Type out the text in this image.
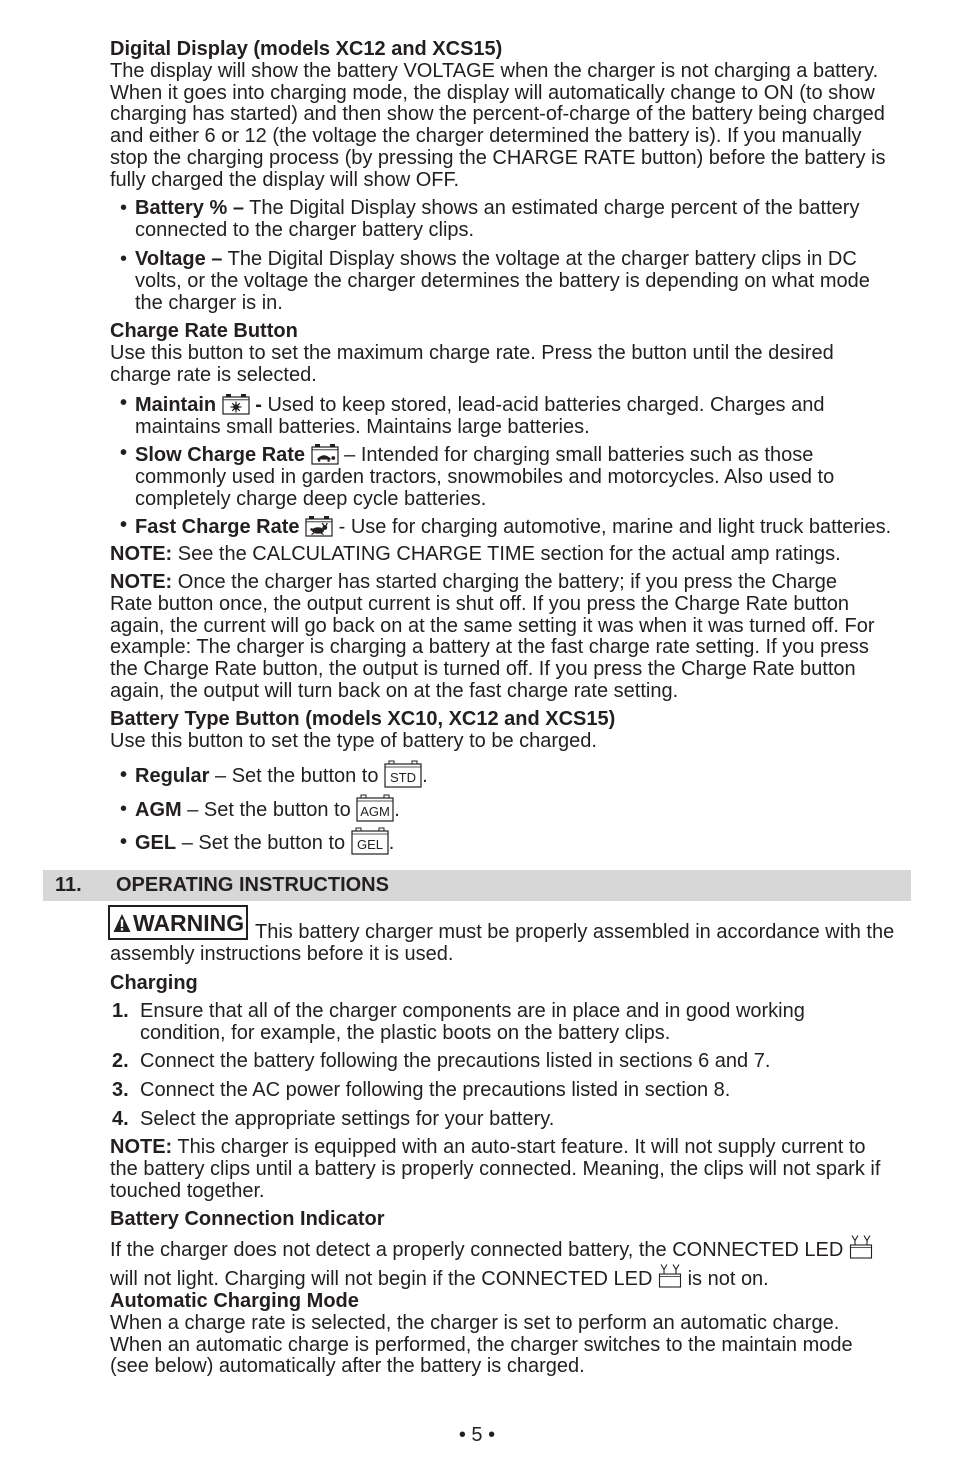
Digital Display (models XC12 and XCS15)
The display will show the battery VOLTAGE when the charger is not charging a battery.
When it goes into charging mode, the display will automatically change to ON (to show
charging has started) and then show the percent-of-charge of the battery being charged
and either 6 or 12 (the voltage the charger determined the battery is). If you manually
stop the charging process (by pressing the CHARGE RATE button) before the battery is
fully charged the display will show OFF.
•
Battery % – The Digital Display shows an estimated charge percent of the battery
connected to the charger battery clips.
•
Voltage – The Digital Display shows the voltage at the charger battery clips in DC
volts, or the voltage the charger determines the battery is depending on what mode
the charger is in.
Charge Rate Button
Use this button to set the maximum charge rate. Press the button until the desired
charge rate is selected.
•
Maintain - Used to keep stored, lead-acid batteries charged. Charges and
maintains small batteries. Maintains large batteries.
•
Slow Charge Rate – Intended for charging small batteries such as those
commonly used in garden tractors, snowmobiles and motorcycles. Also used to
completely charge deep cycle batteries.
•
Fast Charge Rate - Use for charging automotive, marine and light truck batteries.
NOTE: See the CALCULATING CHARGE TIME section for the actual amp ratings.
NOTE: Once the charger has started charging the battery; if you press the Charge
Rate button once, the output current is shut off. If you press the Charge Rate button
again, the current will go back on at the same setting it was when it was turned off. For
example: The charger is charging a battery at the fast charge rate setting. If you press
the Charge Rate button, the output is turned off. If you press the Charge Rate button
again, the output will turn back on at the fast charge rate setting.
Battery Type Button (models XC10, XC12 and XCS15)
Use this button to set the type of battery to be charged.
•
Regular – Set the button to STD .
•
AGM – Set the button to AGM .
•
GEL – Set the button to GEL .
11. OPERATING INSTRUCTIONS
WARNING This battery charger must be properly assembled in accordance with the
assembly instructions before it is used.
Charging
1. Ensure that all of the charger components are in place and in good working
condition, for example, the plastic boots on the battery clips.
2. Connect the battery following the precautions listed in sections 6 and 7.
3. Connect the AC power following the precautions listed in section 8.
4. Select the appropriate settings for your battery.
NOTE: This charger is equipped with an auto-start feature. It will not supply current to
the battery clips until a battery is properly connected. Meaning, the clips will not spark if
touched together.
Battery Connection Indicator
If the charger does not detect a properly connected battery, the CONNECTED LED

will not light. Charging will not begin if the CONNECTED LED is not on.
Automatic Charging Mode
When a charge rate is selected, the charger is set to perform an automatic charge.
When an automatic charge is performed, the charger switches to the maintain mode
(see below) automatically after the battery is charged.
• 5 •
